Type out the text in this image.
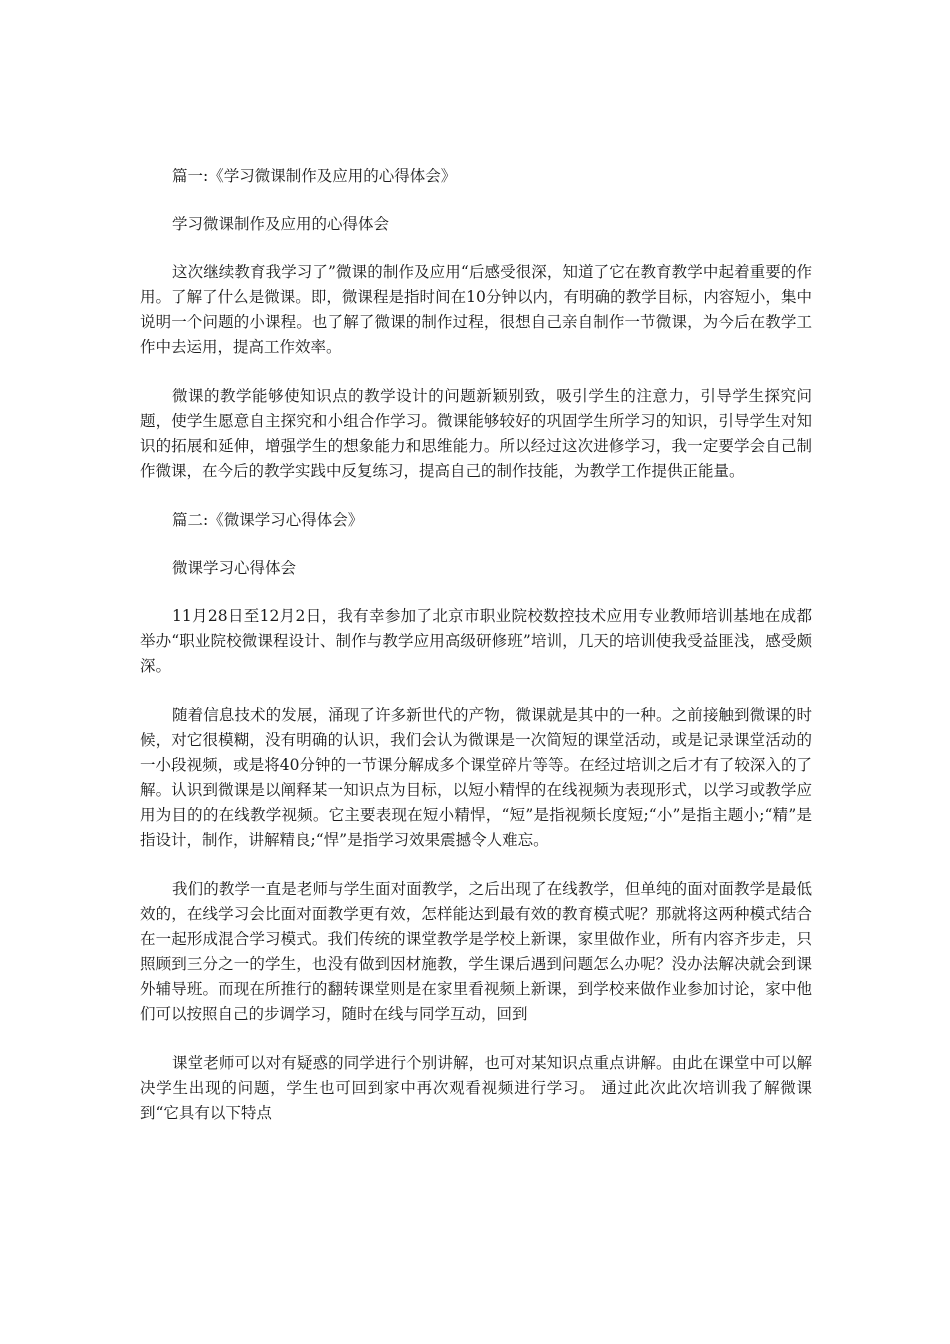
篇一:《学习微课制作及应用的心得体会》
学习微课制作及应用的心得体会

这次继续教育我学习了”微课的制作及应用“后感受很深，知道了它在教育教学中起着重要的作用。了解了什么是微课。即，微课程是指时间在10分钟以内，有明确的教学目标，内容短小，集中说明一个问题的小课程。也了解了微课的制作过程，很想自己亲自制作一节微课，为今后在教学工作中去运用，提高工作效率。

微课的教学能够使知识点的教学设计的问题新颖别致，吸引学生的注意力，引导学生探究问题，使学生愿意自主探究和小组合作学习。微课能够较好的巩固学生所学习的知识，引导学生对知识的拓展和延伸，增强学生的想象能力和思维能力。所以经过这次进修学习，我一定要学会自己制作微课，在今后的教学实践中反复练习，提高自己的制作技能，为教学工作提供正能量。

篇二:《微课学习心得体会》
微课学习心得体会

11月28日至12月2日，我有幸参加了北京市职业院校数控技术应用专业教师培训基地在成都举办“职业院校微课程设计、制作与教学应用高级研修班”培训，几天的培训使我受益匪浅，感受颇深。

随着信息技术的发展，涌现了许多新世代的产物，微课就是其中的一种。之前接触到微课的时候，对它很模糊，没有明确的认识，我们会认为微课是一次简短的课堂活动，或是记录课堂活动的一小段视频，或是将40分钟的一节课分解成多个课堂碎片等等。在经过培训之后才有了较深入的了解。认识到微课是以阐释某一知识点为目标，以短小精悍的在线视频为表现形式，以学习或教学应用为目的的在线教学视频。它主要表现在短小精悍，“短”是指视频长度短;“小”是指主题小;“精”是指设计，制作，讲解精良;“悍”是指学习效果震撼令人难忘。

我们的教学一直是老师与学生面对面教学，之后出现了在线教学，但单纯的面对面教学是最低效的，在线学习会比面对面教学更有效，怎样能达到最有效的教育模式呢？那就将这两种模式结合在一起形成混合学习模式。我们传统的课堂教学是学校上新课，家里做作业，所有内容齐步走，只照顾到三分之一的学生，也没有做到因材施教，学生课后遇到问题怎么办呢？没办法解决就会到课外辅导班。而现在所推行的翻转课堂则是在家里看视频上新课，到学校来做作业参加讨论，家中他们可以按照自己的步调学习，随时在线与同学互动，回到

课堂老师可以对有疑惑的同学进行个别讲解，也可对某知识点重点讲解。由此在课堂中可以解决学生出现的问题，学生也可回到家中再次观看视频进行学习。 通过此次此次培训我了解微课到“它具有以下特点
